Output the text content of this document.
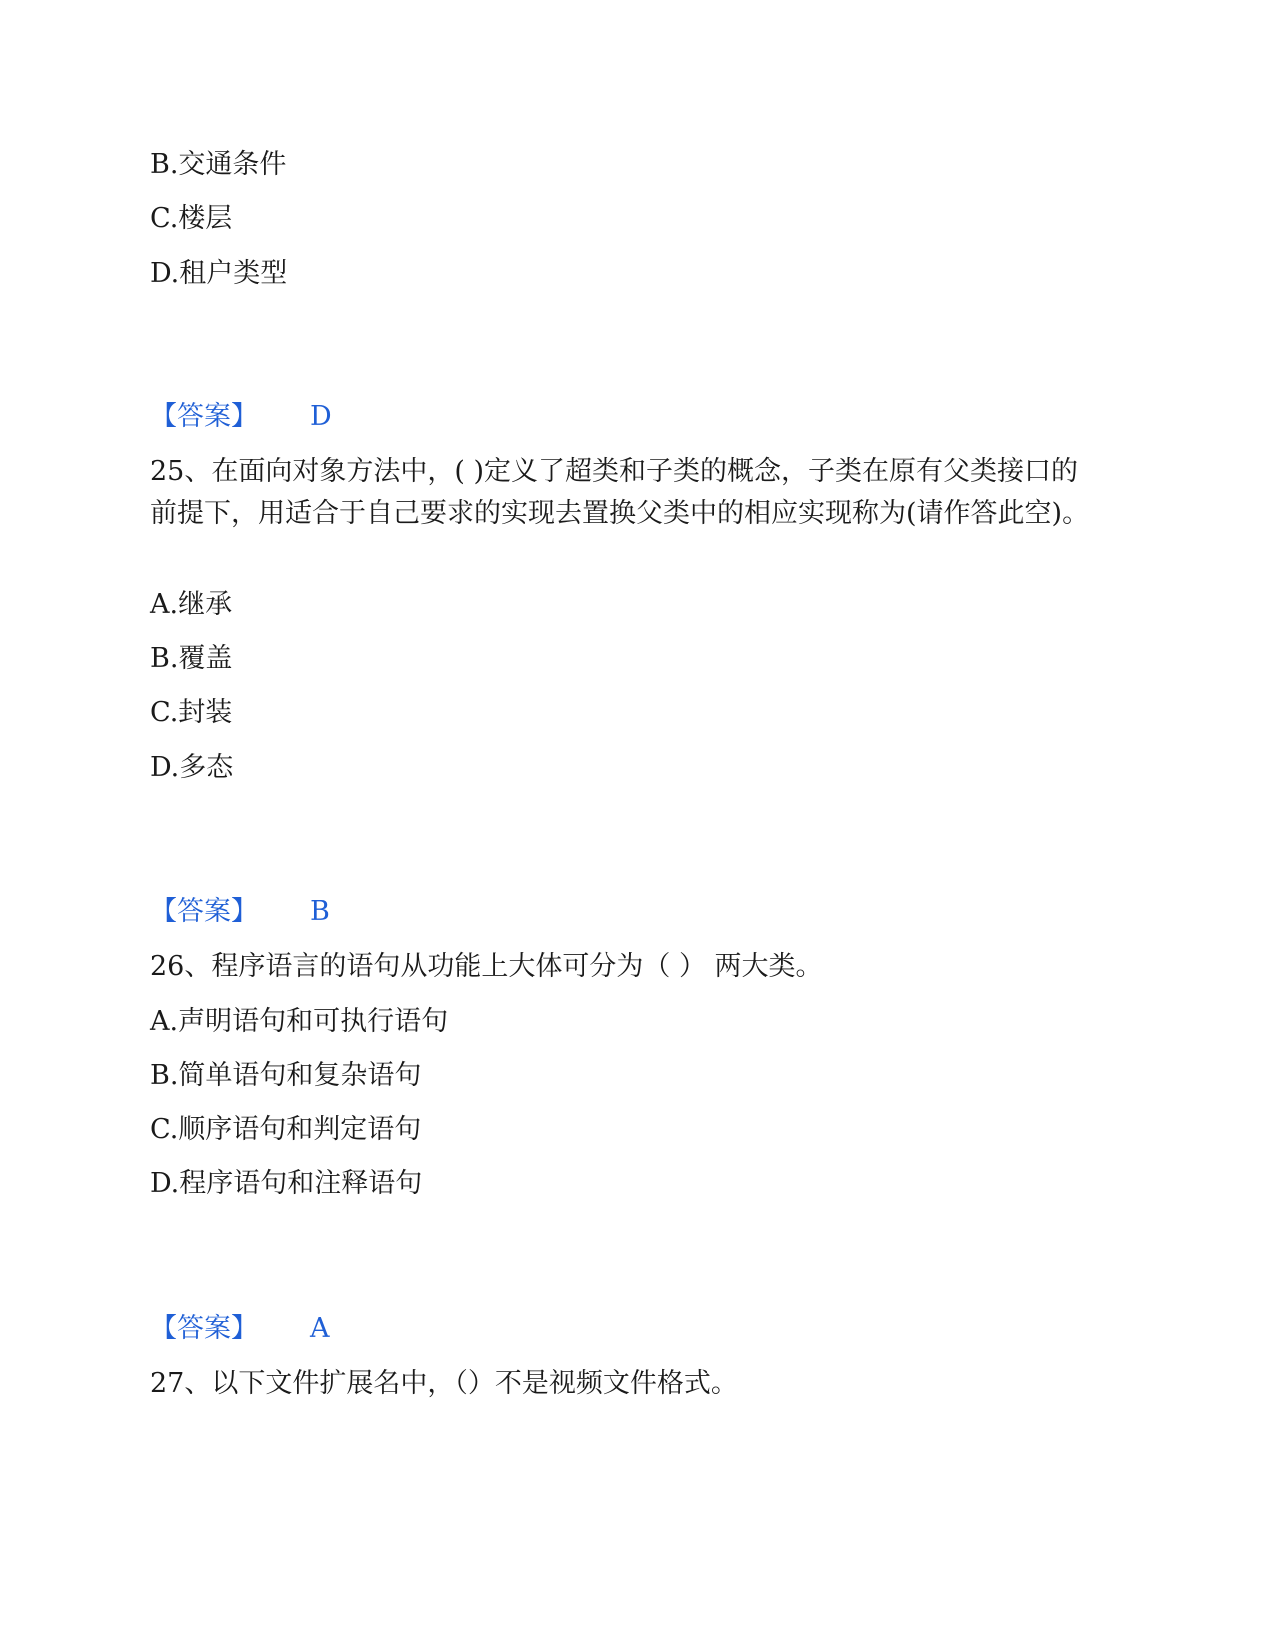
B.交通条件
C.楼层
D.租户类型
【答案】 D
25、在面向对象方法中，( )定义了超类和子类的概念，子类在原有父类接口的前提下，用适合于自己要求的实现去置换父类中的相应实现称为(请作答此空)。
A.继承
B.覆盖
C.封装
D.多态
【答案】 B
26、程序语言的语句从功能上大体可分为（ ） 两大类。
A.声明语句和可执行语句
B.简单语句和复杂语句
C.顺序语句和判定语句
D.程序语句和注释语句
【答案】 A
27、以下文件扩展名中，（）不是视频文件格式。
